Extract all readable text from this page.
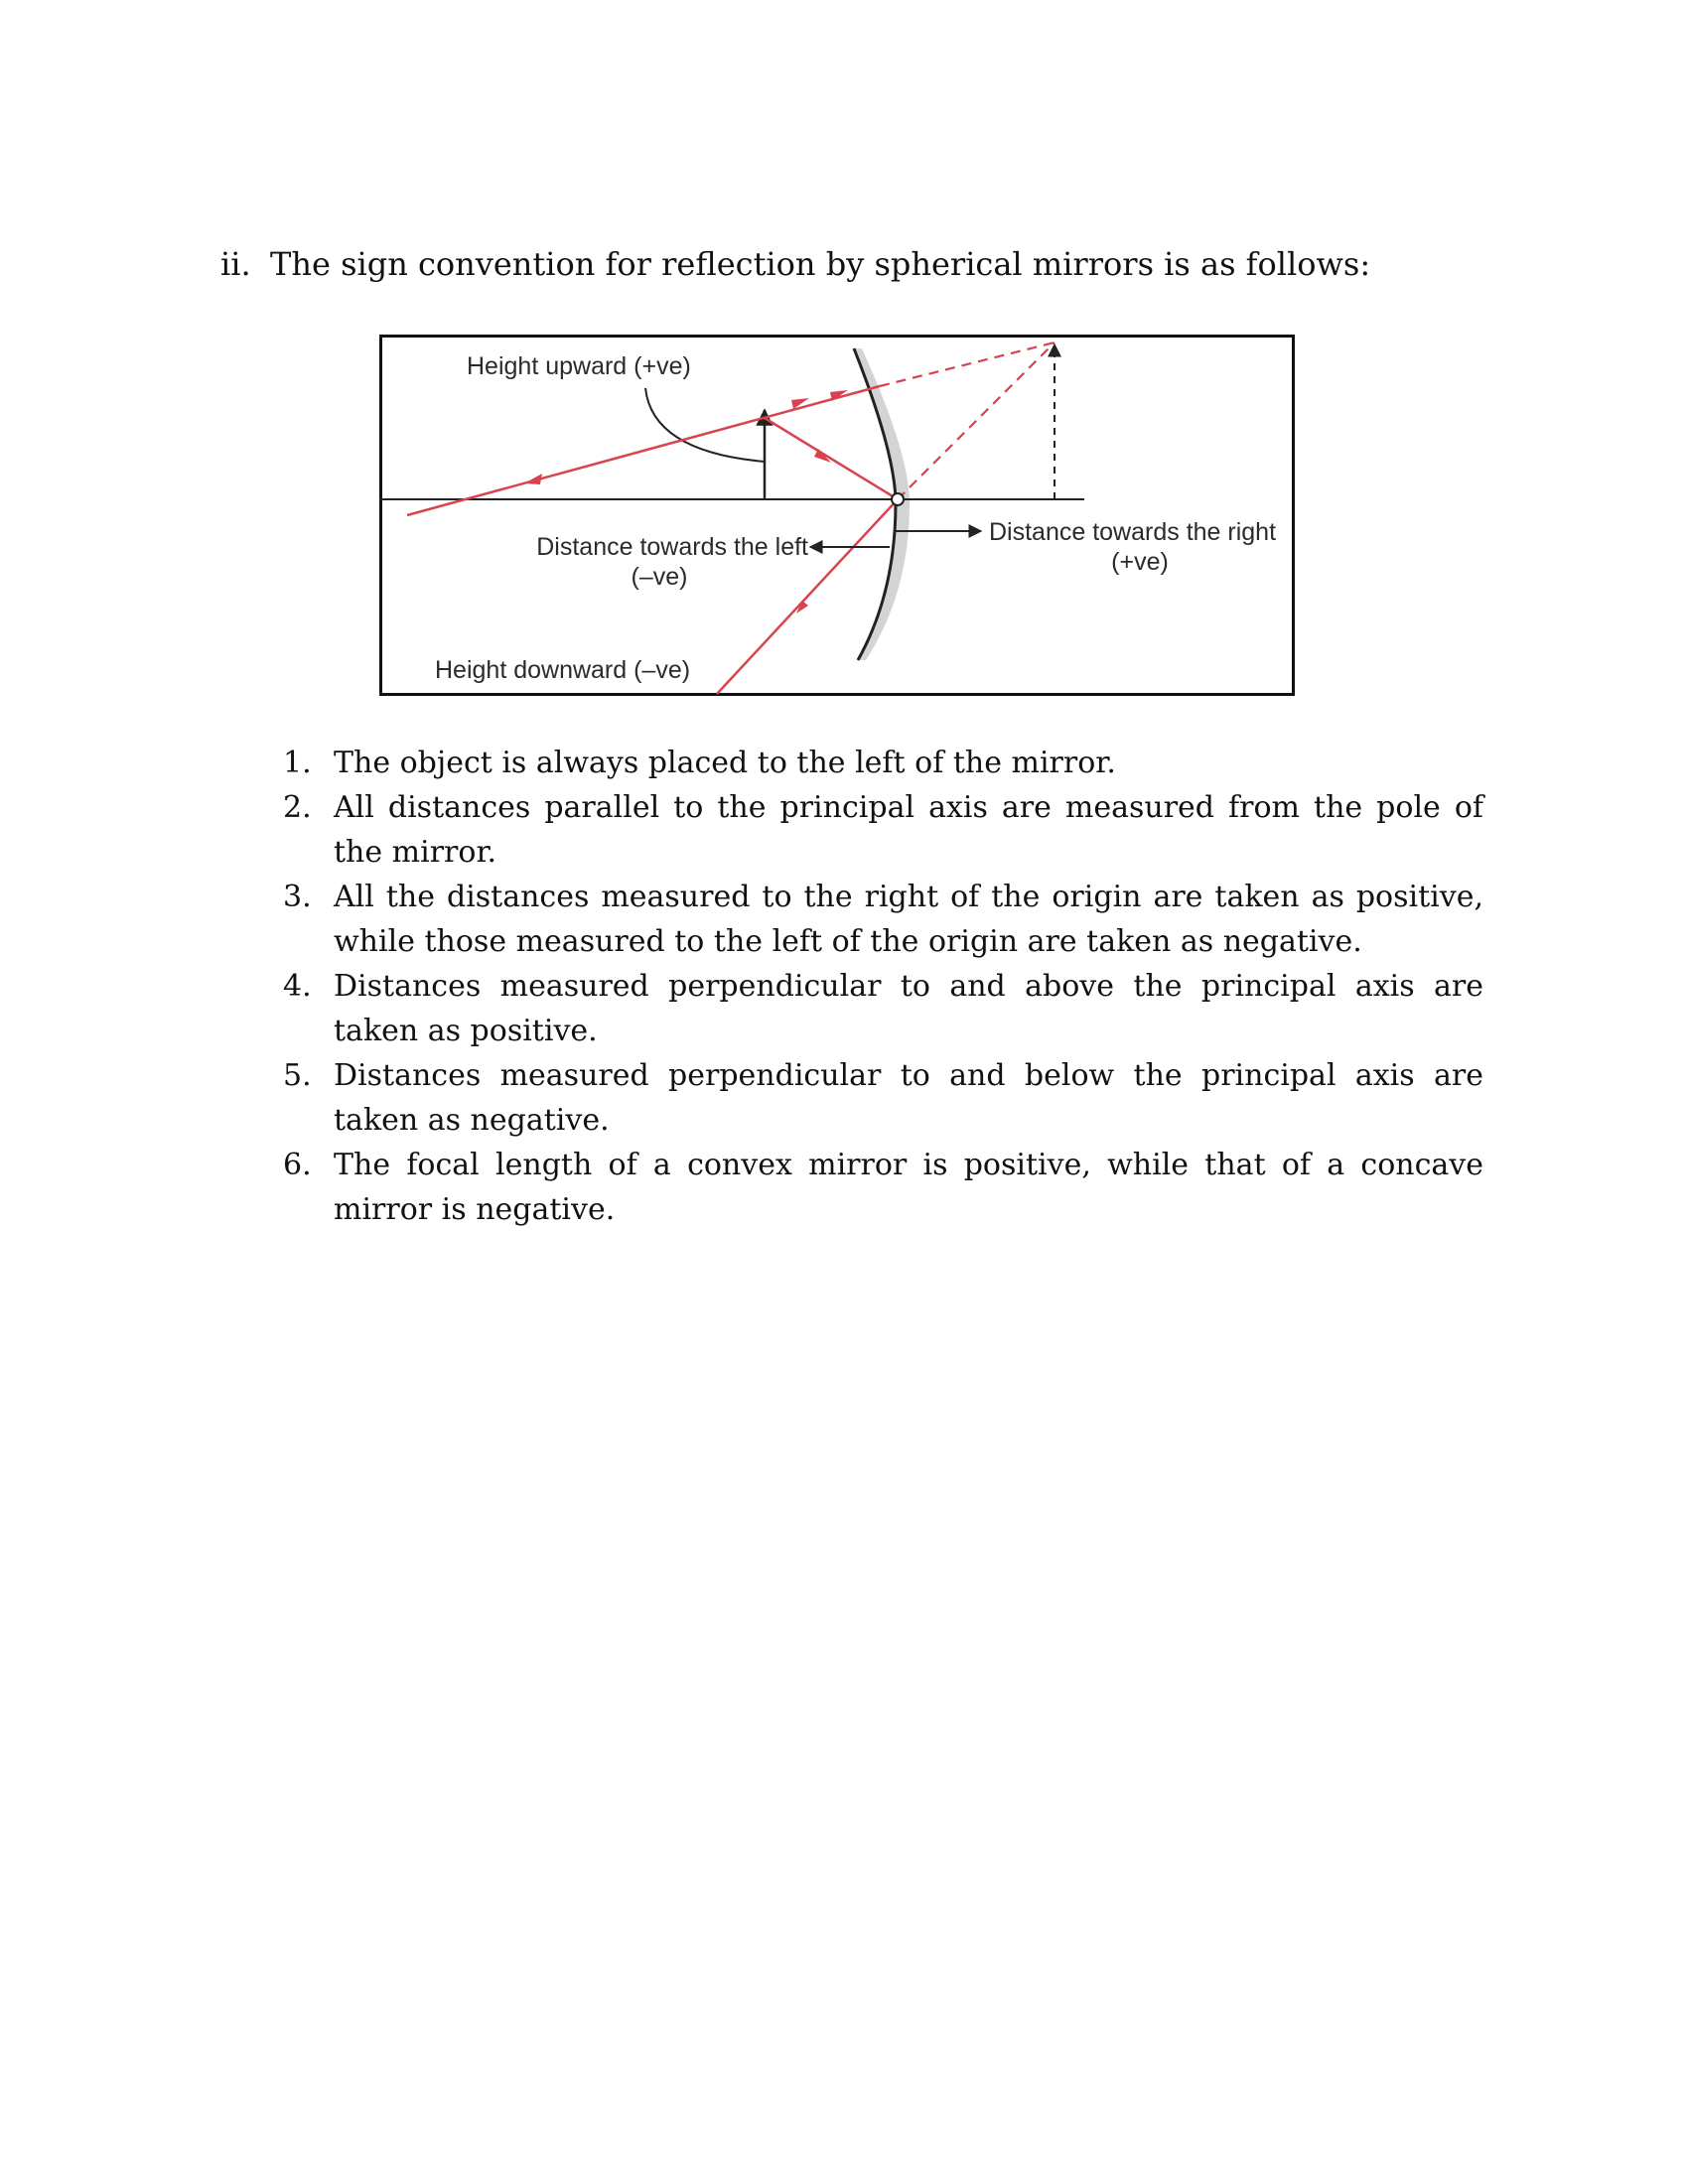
ii. The sign convention for reflection by spherical mirrors is as follows:
Height upward (+ve)
Distance towards the left
(–ve)
Distance towards the right
(+ve)
Height downward (–ve)
1. The object is always placed to the left of the mirror.
2. All distances parallel to the principal axis are measured from the pole of the mirror.
3. All the distances measured to the right of the origin are taken as positive, while those measured to the left of the origin are taken as negative.
4. Distances measured perpendicular to and above the principal axis are taken as positive.
5. Distances measured perpendicular to and below the principal axis are taken as negative.
6. The focal length of a convex mirror is positive, while that of a concave mirror is negative.
